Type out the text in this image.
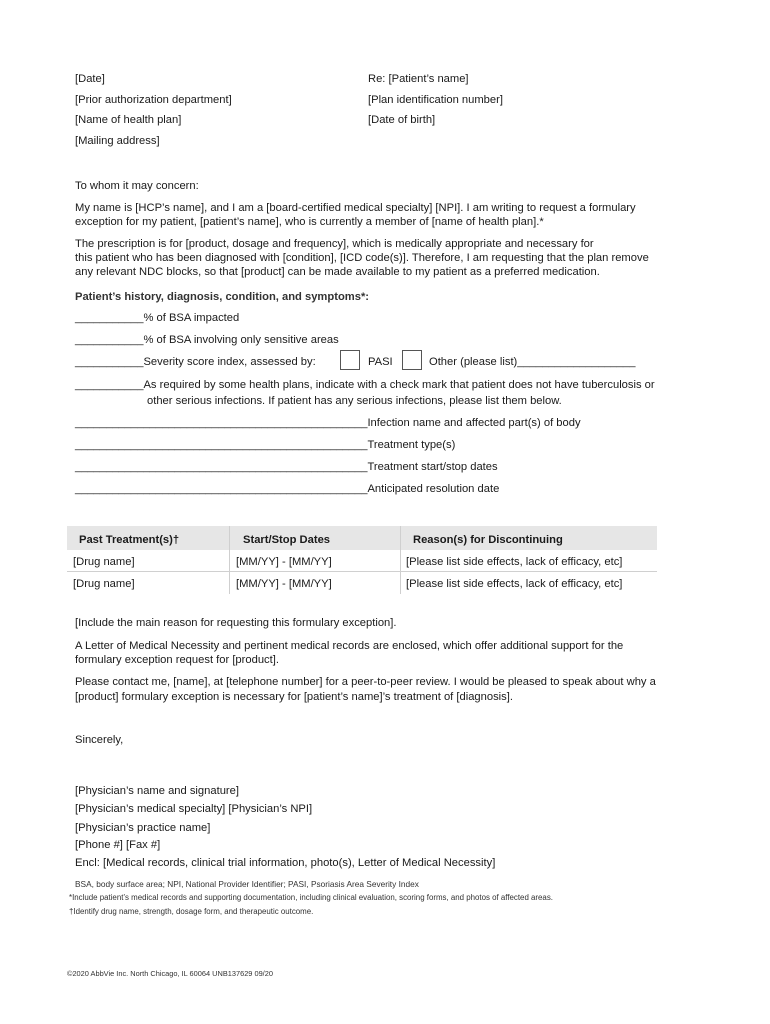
[Date]
[Prior authorization department]
[Name of health plan]
[Mailing address]
Re: [Patient’s name]
[Plan identification number]
[Date of birth]
To whom it may concern:
My name is [HCP’s name], and I am a [board-certified medical specialty] [NPI]. I am writing to request a formulary
exception for my patient, [patient’s name], who is currently a member of [name of health plan].*
The prescription is for [product, dosage and frequency], which is medically appropriate and necessary for
this patient who has been diagnosed with [condition], [ICD code(s)]. Therefore, I am requesting that the plan remove
any relevant NDC blocks, so that [product] can be made available to my patient as a preferred medication.
Patient’s history, diagnosis, condition, and symptoms*:
___________% of BSA impacted
___________% of BSA involving only sensitive areas
___________Severity score index, assessed by:	PASI	Other (please list)___________________
___________As required by some health plans, indicate with a check mark that patient does not have tuberculosis or
other serious infections. If patient has any serious infections, please list them below.
_______________________________________________Infection name and affected part(s) of body
_______________________________________________Treatment type(s)
_______________________________________________Treatment start/stop dates
_______________________________________________Anticipated resolution date
Past Treatment(s)†	Start/Stop Dates	Reason(s) for Discontinuing
[Drug name]	[MM/YY] - [MM/YY]	[Please list side effects, lack of efficacy, etc]
[Drug name]	[MM/YY] - [MM/YY]	[Please list side effects, lack of efficacy, etc]
[Include the main reason for requesting this formulary exception].
A Letter of Medical Necessity and pertinent medical records are enclosed, which offer additional support for the
formulary exception request for [product].
Please contact me, [name], at [telephone number] for a peer-to-peer review. I would be pleased to speak about why a
[product] formulary exception is necessary for [patient’s name]’s treatment of [diagnosis].
Sincerely,
[Physician’s name and signature]
[Physician’s medical specialty] [Physician’s NPI]
[Physician’s practice name]
[Phone #] [Fax #]
Encl: [Medical records, clinical trial information, photo(s), Letter of Medical Necessity]
BSA, body surface area; NPI, National Provider Identifier; PASI, Psoriasis Area Severity Index
*Include patient’s medical records and supporting documentation, including clinical evaluation, scoring forms, and photos of affected areas.
†Identify drug name, strength, dosage form, and therapeutic outcome.
©2020 AbbVie Inc. North Chicago, IL 60064 UNB137629 09/20
